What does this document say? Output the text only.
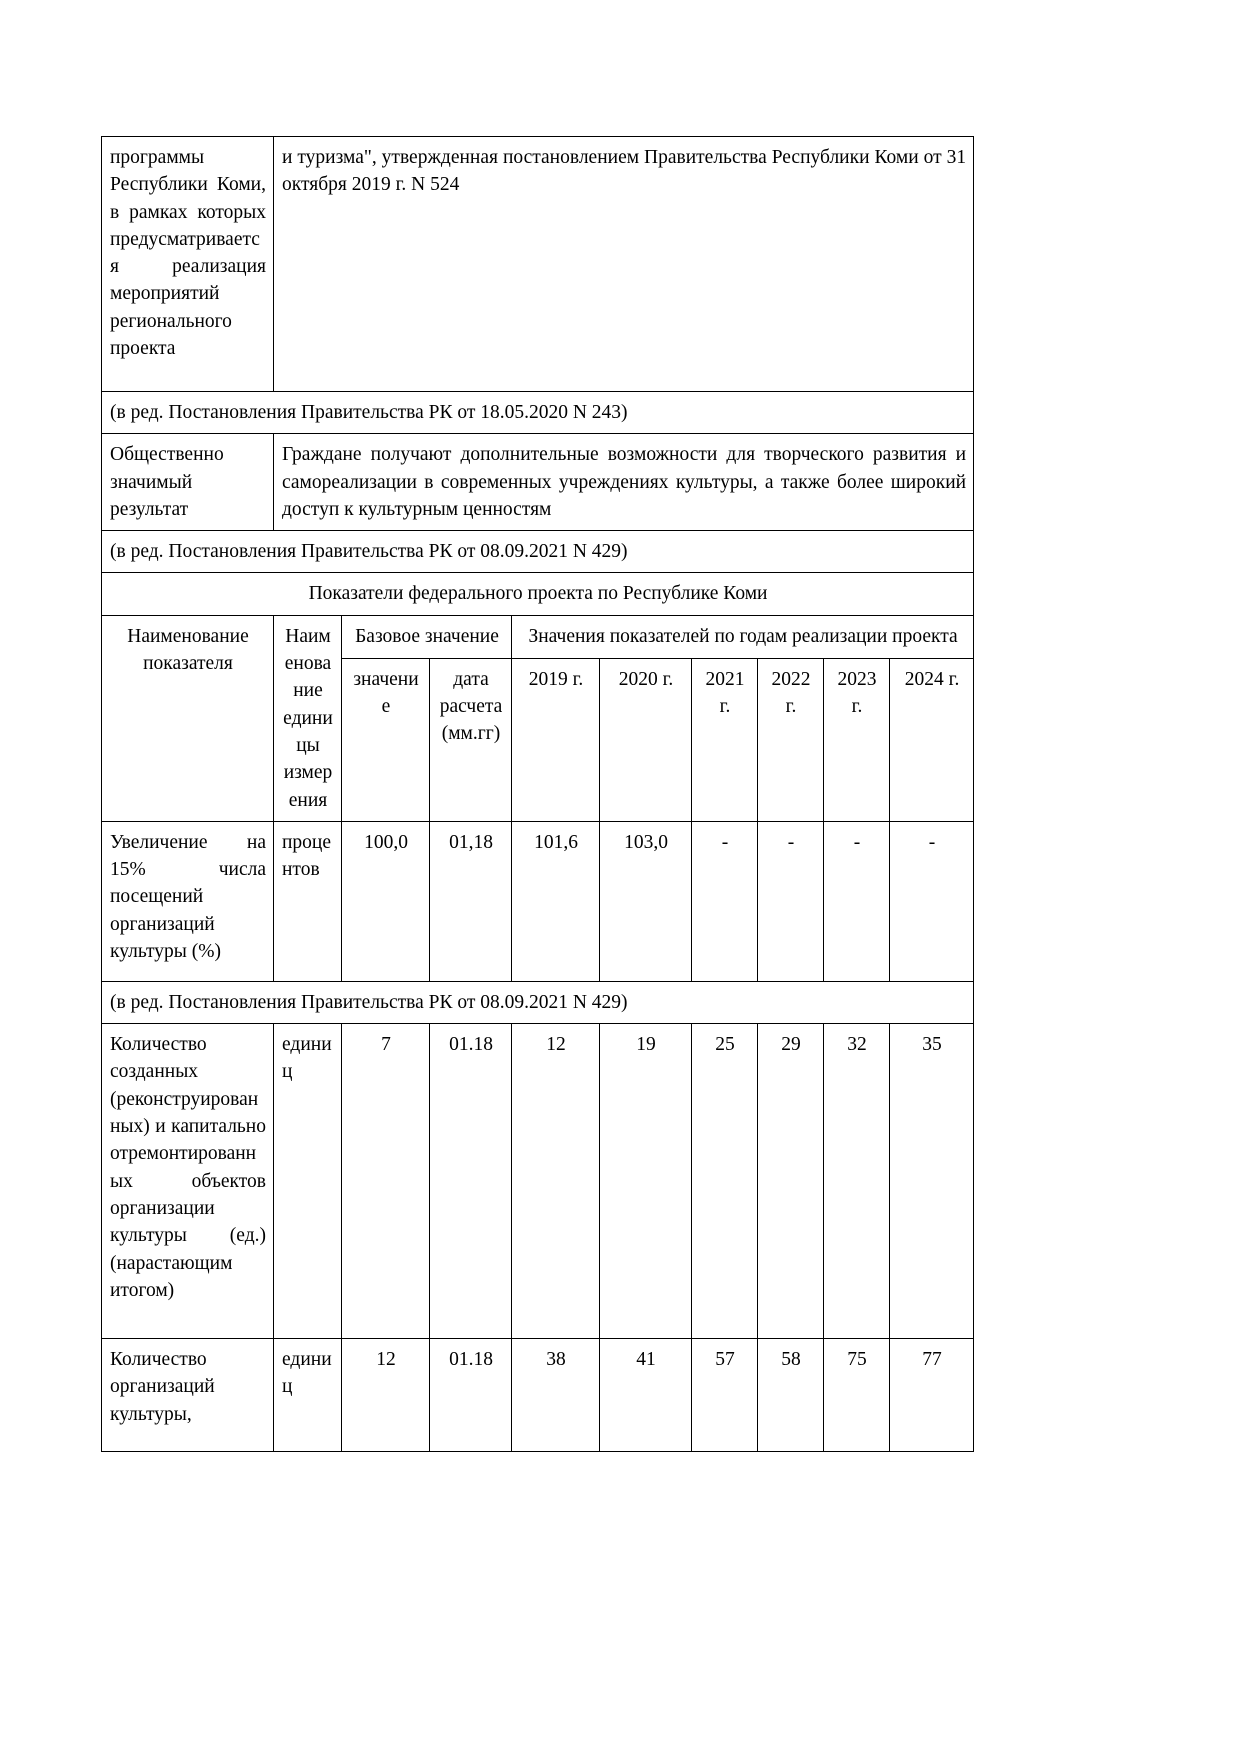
программы Республики Коми, в рамках которых предусматривается реализация мероприятий регионального проекта	и туризма", утвержденная постановлением Правительства Республики Коми от 31 октября 2019 г. N 524								
(в ред. Постановления Правительства РК от 18.05.2020 N 243)									
Общественно значимый результат	Граждане получают дополнительные возможности для творческого развития и самореализации в современных учреждениях культуры, а также более широкий доступ к культурным ценностям								
(в ред. Постановления Правительства РК от 08.09.2021 N 429)									
Показатели федерального проекта по Республике Коми									
Наименование показателя	Наименование единицы измерения	Базовое значение		Значения показателей по годам реализации проекта					
		значение	дата расчета (мм.гг)	2019 г.	2020 г.	2021 г.	2022 г.	2023 г.	2024 г.
Увеличение на 15% числа посещений организаций культуры (%)	процентов	100,0	01,18	101,6	103,0	-	-	-	-
(в ред. Постановления Правительства РК от 08.09.2021 N 429)									
Количество созданных (реконструированных) и капитально отремонтированных объектов организации культуры (ед.) (нарастающим итогом)	единиц	7	01.18	12	19	25	29	32	35
Количество организаций культуры,	единиц	12	01.18	38	41	57	58	75	77
